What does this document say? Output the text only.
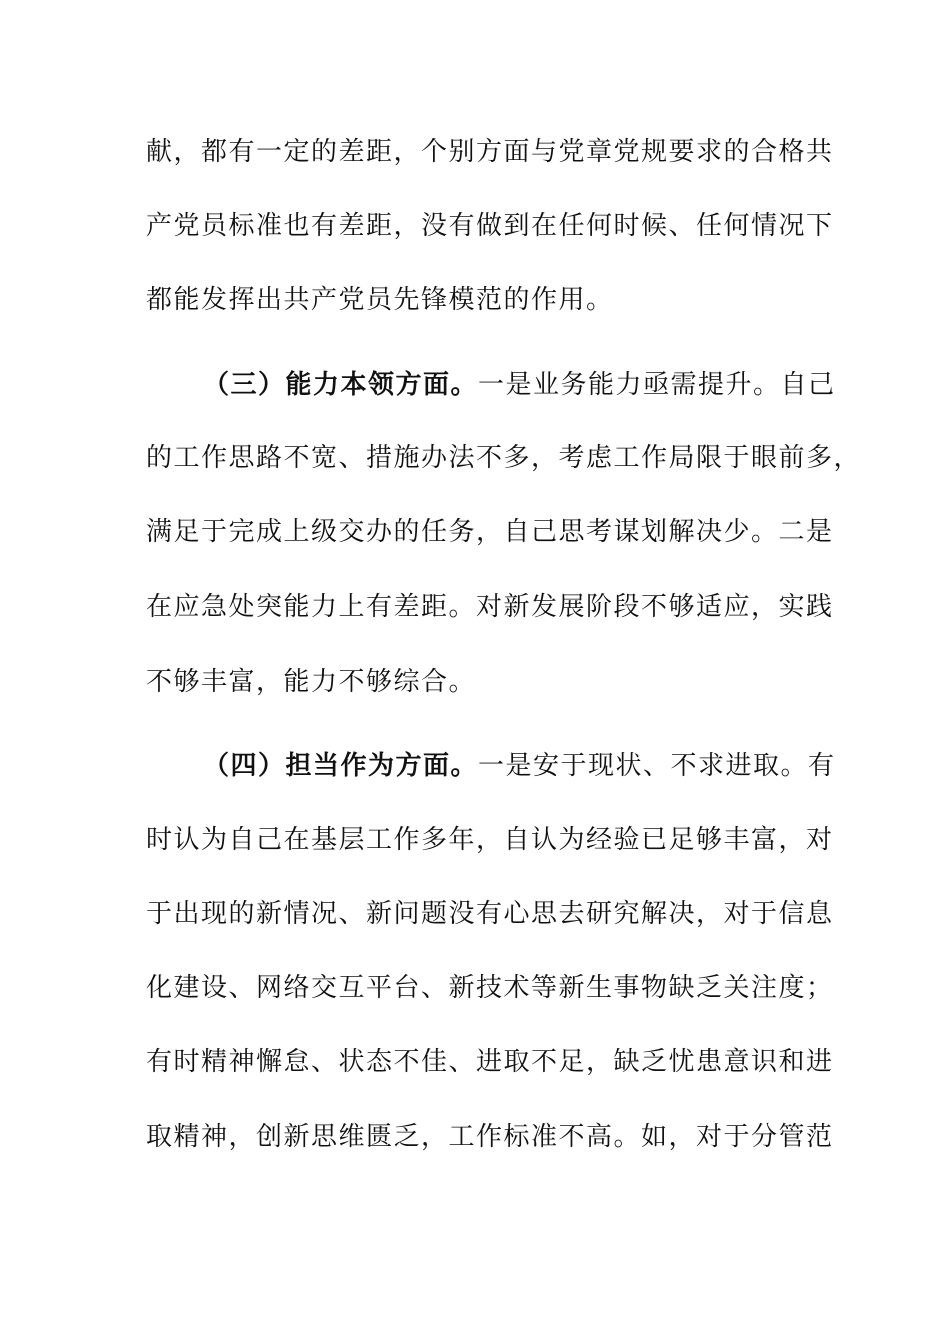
献，都有一定的差距，个别方面与党章党规要求的合格共
产党员标准也有差距，没有做到在任何时候、任何情况下
都能发挥出共产党员先锋模范的作用。
（三）能力本领方面。一是业务能力亟需提升。自己
的工作思路不宽、措施办法不多，考虑工作局限于眼前多，
满足于完成上级交办的任务，自己思考谋划解决少。二是
在应急处突能力上有差距。对新发展阶段不够适应，实践
不够丰富，能力不够综合。
（四）担当作为方面。一是安于现状、不求进取。有
时认为自己在基层工作多年，自认为经验已足够丰富，对
于出现的新情况、新问题没有心思去研究解决，对于信息
化建设、网络交互平台、新技术等新生事物缺乏关注度；
有时精神懈怠、状态不佳、进取不足，缺乏忧患意识和进
取精神，创新思维匮乏，工作标准不高。如，对于分管范
